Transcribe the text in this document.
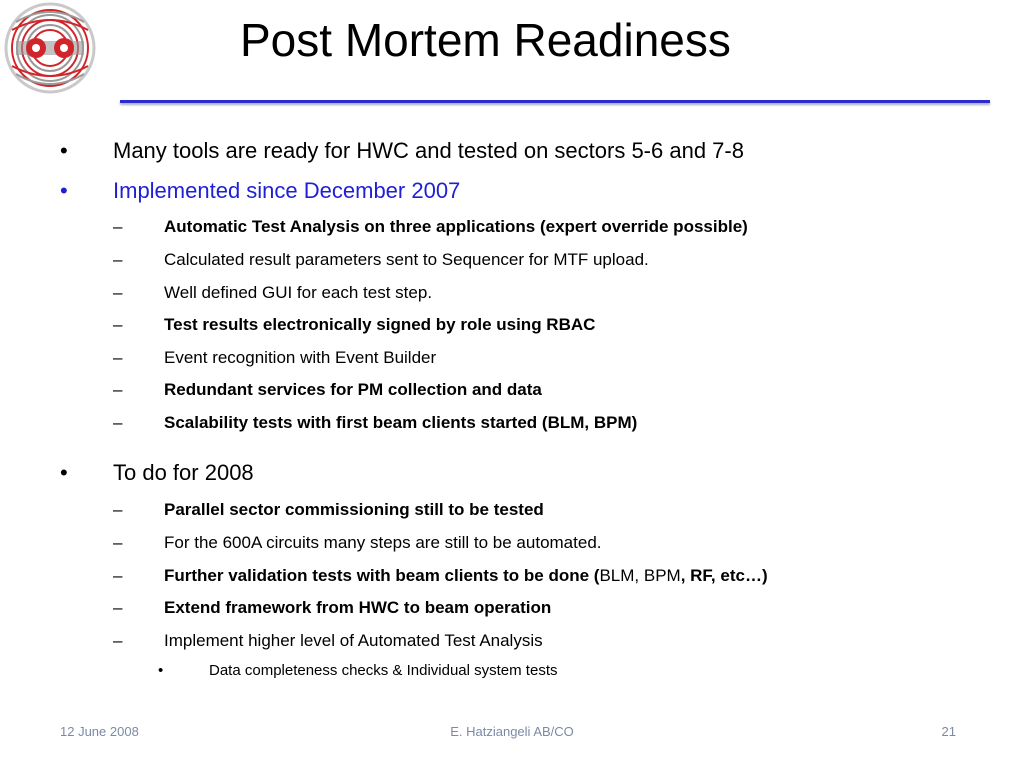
Post Mortem Readiness
• Many tools are ready for HWC and tested on sectors 5-6 and 7-8
• Implemented since December 2007
– Automatic Test Analysis on three applications (expert override possible)
– Calculated result parameters sent to Sequencer for MTF upload.
– Well defined GUI for each test step.
– Test results electronically signed by role using RBAC
– Event recognition with Event Builder
– Redundant services for PM collection and data
– Scalability tests with first beam clients started (BLM, BPM)
• To do for 2008
– Parallel sector commissioning still to be tested
– For the 600A circuits many steps are still to be automated.
– Further validation tests with beam clients to be done (BLM, BPM, RF, etc…)
– Extend framework from HWC to beam operation
– Implement higher level of Automated Test Analysis
•	Data completeness checks & Individual system tests
12 June 2008	E. Hatziangeli AB/CO	21
